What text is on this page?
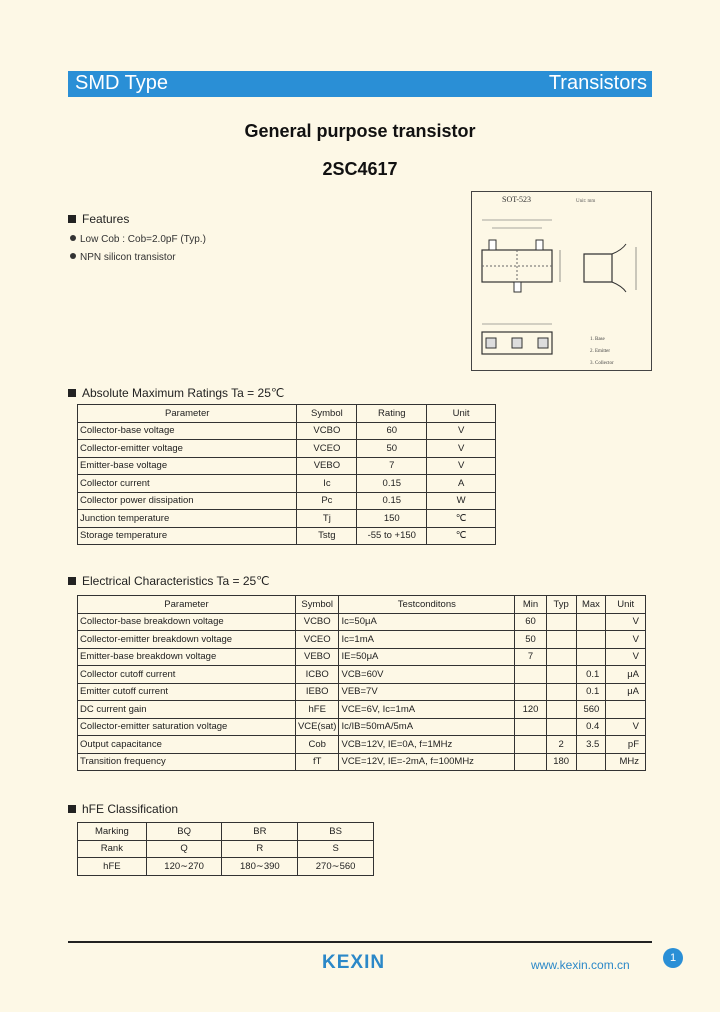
SMD Type	Transistors
General purpose transistor
2SC4617
Features
Low Cob : Cob=2.0pF (Typ.)
NPN silicon transistor
SOT-523	Unit: mm
1. Base
2. Emitter
3. Collector
Absolute Maximum Ratings Ta = 25℃
Parameter	Symbol	Rating	Unit
Collector-base voltage	VCBO	60	V
Collector-emitter voltage	VCEO	50	V
Emitter-base voltage	VEBO	7	V
Collector current	Ic	0.15	A
Collector power dissipation	Pc	0.15	W
Junction temperature	Tj	150	℃
Storage temperature	Tstg	-55 to +150	℃
Electrical Characteristics Ta = 25℃
Parameter	Symbol	Testconditons	Min	Typ	Max	Unit
Collector-base breakdown voltage	VCBO	Ic=50μA	60			V
Collector-emitter breakdown voltage	VCEO	Ic=1mA	50			V
Emitter-base breakdown voltage	VEBO	IE=50μA	7			V
Collector cutoff current	ICBO	VCB=60V			0.1	μA
Emitter cutoff current	IEBO	VEB=7V			0.1	μA
DC current gain	hFE	VCE=6V, Ic=1mA	120		560	
Collector-emitter saturation voltage	VCE(sat)	Ic/IB=50mA/5mA			0.4	V
Output capacitance	Cob	VCB=12V, IE=0A, f=1MHz		2	3.5	pF
Transition frequency	fT	VCE=12V, IE=-2mA, f=100MHz		180		MHz
hFE Classification
Marking	BQ	BR	BS
Rank	Q	R	S
hFE	120∼270	180∼390	270∼560
KEXIN	www.kexin.com.cn	1
